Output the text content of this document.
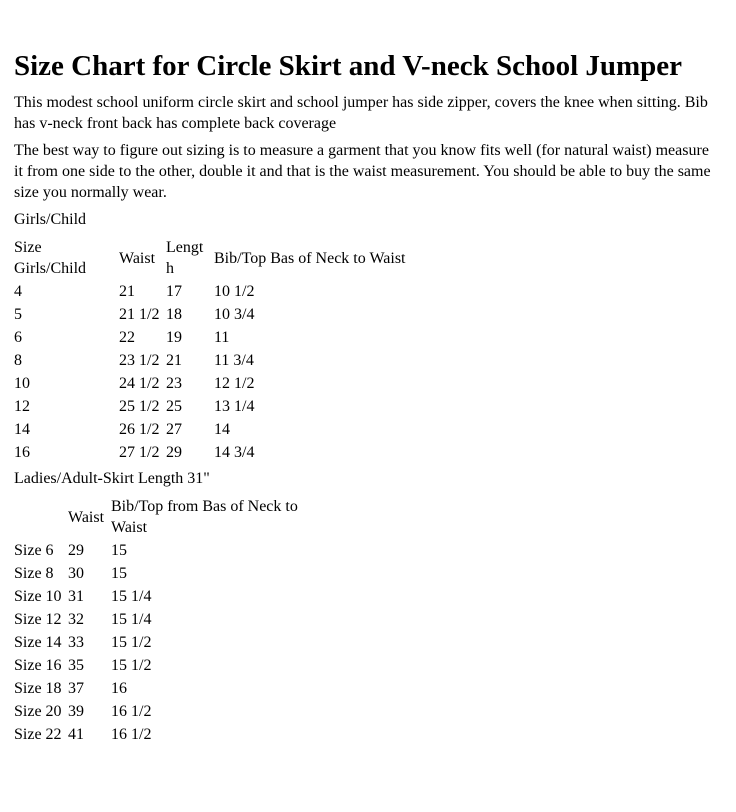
Size Chart for Circle Skirt and V-neck School Jumper

This modest school uniform circle skirt and school jumper has side zipper, covers the knee when sitting. Bib has v-neck front back has complete back coverage

The best way to figure out sizing is to measure a garment that you know fits well (for natural waist) measure it from one side to the other, double it and that is the waist measurement. You should be able to buy the same size you normally wear.

Girls/Child

Size Girls/Child	Waist	Length	Bib/Top Bas of Neck to Waist
4	21	17	10 1/2
5	21 1/2	18	10 3/4
6	22	19	11
8	23 1/2	21	11 3/4
10	24 1/2	23	12 1/2
12	25 1/2	25	13 1/4
14	26 1/2	27	14
16	27 1/2	29	14 3/4

Ladies/Adult-Skirt Length 31"

	Waist	Bib/Top from Bas of Neck to Waist
Size 6	29	15
Size 8	30	15
Size 10	31	15 1/4
Size 12	32	15 1/4
Size 14	33	15 1/2
Size 16	35	15 1/2
Size 18	37	16
Size 20	39	16 1/2
Size 22	41	16 1/2
